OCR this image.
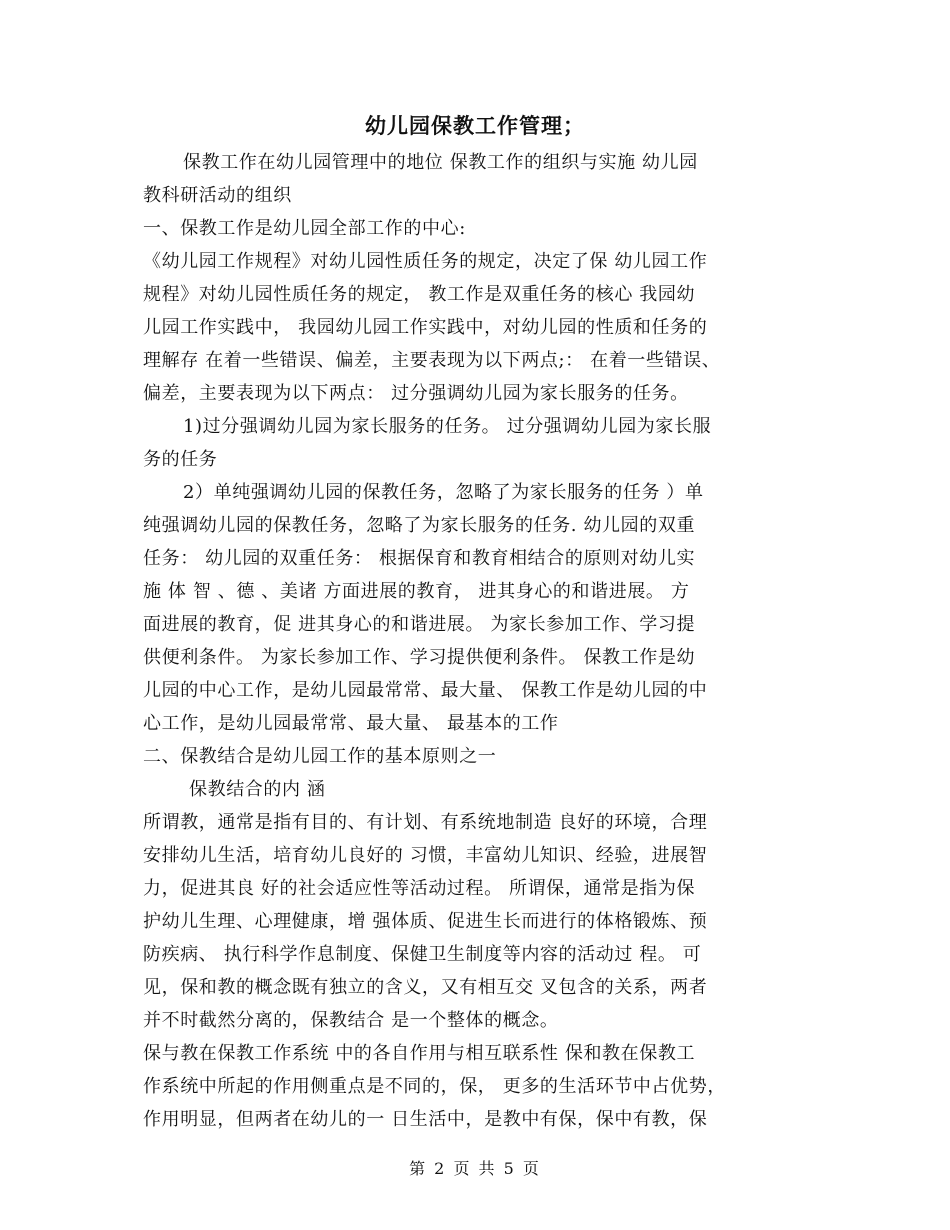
幼儿园保教工作管理；
保教工作在幼儿园管理中的地位 保教工作的组织与实施 幼儿园
教科研活动的组织
一、保教工作是幼儿园全部工作的中心:
《幼儿园工作规程》对幼儿园性质任务的规定，决定了保 幼儿园工作
规程》对幼儿园性质任务的规定， 教工作是双重任务的核心 我园幼
儿园工作实践中， 我园幼儿园工作实践中，对幼儿园的性质和任务的
理解存 在着一些错误、偏差，主要表现为以下两点;： 在着一些错误、
偏差，主要表现为以下两点： 过分强调幼儿园为家长服务的任务。
1)过分强调幼儿园为家长服务的任务。 过分强调幼儿园为家长服
务的任务
2）单纯强调幼儿园的保教任务，忽略了为家长服务的任务 ）单
纯强调幼儿园的保教任务，忽略了为家长服务的任务. 幼儿园的双重
任务： 幼儿园的双重任务： 根据保育和教育相结合的原则对幼儿实
施 体 智 、德 、美诸 方面进展的教育， 进其身心的和谐进展。 方
面进展的教育，促 进其身心的和谐进展。 为家长参加工作、学习提
供便利条件。 为家长参加工作、学习提供便利条件。 保教工作是幼
儿园的中心工作，是幼儿园最常常、最大量、 保教工作是幼儿园的中
心工作，是幼儿园最常常、最大量、 最基本的工作
二、保教结合是幼儿园工作的基本原则之一
保教结合的内 涵
所谓教，通常是指有目的、有计划、有系统地制造 良好的环境，合理
安排幼儿生活，培育幼儿良好的 习惯，丰富幼儿知识、经验，进展智
力，促进其良 好的社会适应性等活动过程。 所谓保，通常是指为保
护幼儿生理、心理健康，增 强体质、促进生长而进行的体格锻炼、预
防疾病、 执行科学作息制度、保健卫生制度等内容的活动过 程。 可
见，保和教的概念既有独立的含义，又有相互交 叉包含的关系，两者
并不时截然分离的，保教结合 是一个整体的概念。
保与教在保教工作系统 中的各自作用与相互联系性 保和教在保教工
作系统中所起的作用侧重点是不同的，保， 更多的生活环节中占优势，
作用明显，但两者在幼儿的一 日生活中，是教中有保，保中有教，保
第 2 页 共 5 页
